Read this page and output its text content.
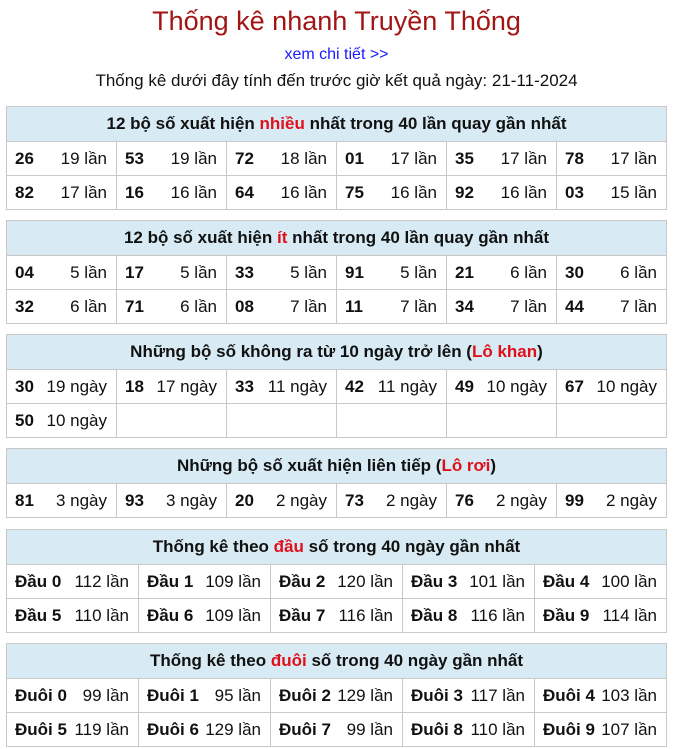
Thống kê nhanh Truyền Thống
xem chi tiết >>
Thống kê dưới đây tính đến trước giờ kết quả ngày: 21-11-2024
12 bộ số xuất hiện nhiều nhất trong 40 lần quay gần nhất					

26 19 lần	53 19 lần	72 18 lần	01 17 lần	35 17 lần	78 17 lần

82 17 lần	16 16 lần	64 16 lần	75 16 lần	92 16 lần	03 15 lần
12 bộ số xuất hiện ít nhất trong 40 lần quay gần nhất					

04 5 lần	17 5 lần	33 5 lần	91 5 lần	21 6 lần	30 6 lần

32 6 lần	71 6 lần	08 7 lần	11 7 lần	34 7 lần	44 7 lần
Những bộ số không ra từ 10 ngày trở lên (Lô khan)					

30 19 ngày	18 17 ngày	33 11 ngày	42 11 ngày	49 10 ngày	67 10 ngày

50 10 ngày					

Những bộ số xuất hiện liên tiếp (Lô rơi)

81 3 ngày	93 3 ngày	20 2 ngày	73 2 ngày	76 2 ngày	99 2 ngày
Thống kê theo đầu số trong 40 ngày gần nhất				

Đầu 0 112 lần	Đầu 1 109 lần	Đầu 2 120 lần	Đầu 3 101 lần	Đầu 4 100 lần

Đầu 5 110 lần	Đầu 6 109 lần	Đầu 7 116 lần	Đầu 8 116 lần	Đầu 9 114 lần
Thống kê theo đuôi số trong 40 ngày gần nhất				

Đuôi 0 99 lần	Đuôi 1 95 lần	Đuôi 2 129 lần	Đuôi 3 117 lần	Đuôi 4 103 lần

Đuôi 5 119 lần	Đuôi 6 129 lần	Đuôi 7 99 lần	Đuôi 8 110 lần	Đuôi 9 107 lần
